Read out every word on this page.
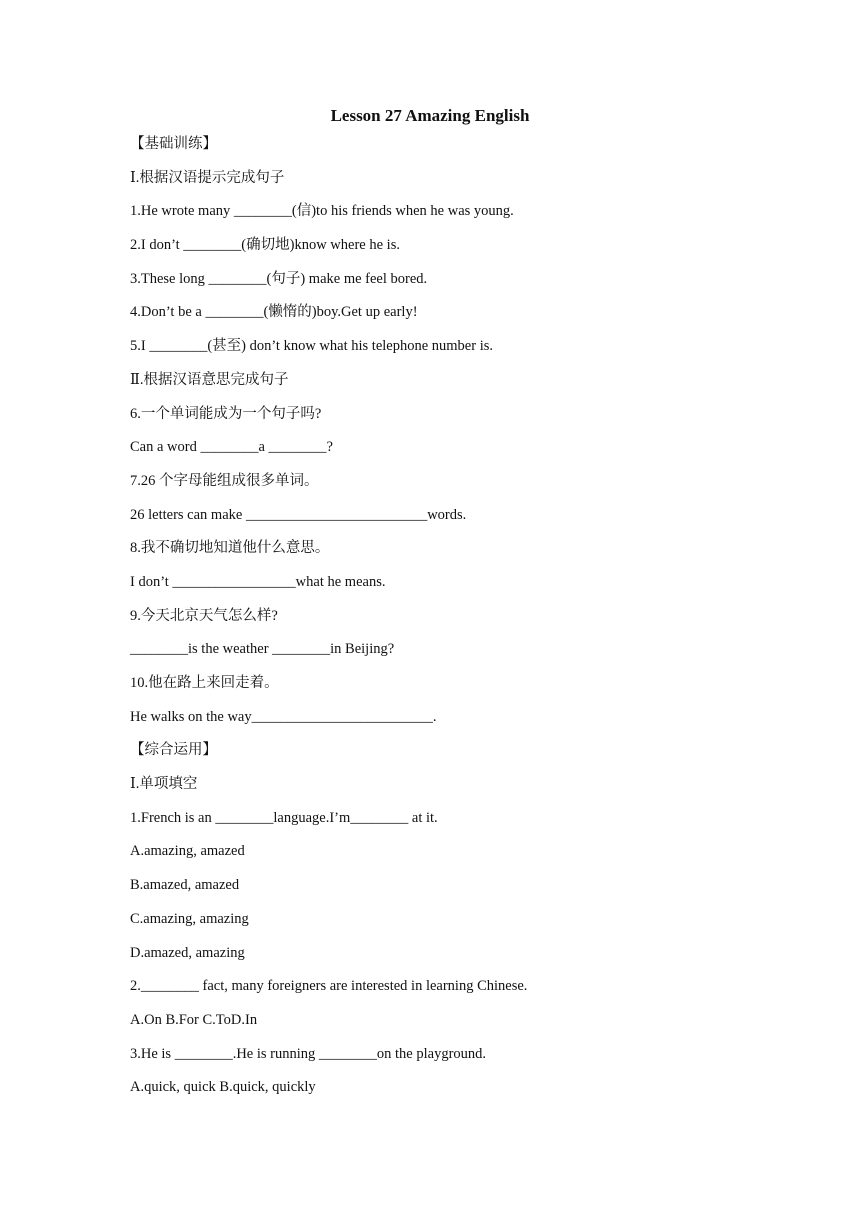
Lesson 27 Amazing English
【基础训练】
Ⅰ.根据汉语提示完成句子
1.He wrote many ________(信)to his friends when he was young.
2.I don’t ________(确切地)know where he is.
3.These long ________(句子) make me feel bored.
4.Don’t be a ________(懒惰的)boy.Get up early!
5.I ________(甚至) don’t know what his telephone number is.
Ⅱ.根据汉语意思完成句子
6.一个单词能成为一个句子吗?
Can a word ________a ________?
7.26 个字母能组成很多单词。
26 letters can make _________________________words.
8.我不确切地知道他什么意思。
I don’t _________________what he means.
9.今天北京天气怎么样?
________is the weather ________in Beijing?
10.他在路上来回走着。
He walks on the way_________________________.
【综合运用】
Ⅰ.单项填空
1.French is an ________language.I’m________ at it.
A.amazing, amazed
B.amazed, amazed
C.amazing, amazing
D.amazed, amazing
2.________ fact, many foreigners are interested in learning Chinese.
A.On B.For C.ToD.In
3.He is ________.He is running ________on the playground.
A.quick, quick B.quick, quickly
